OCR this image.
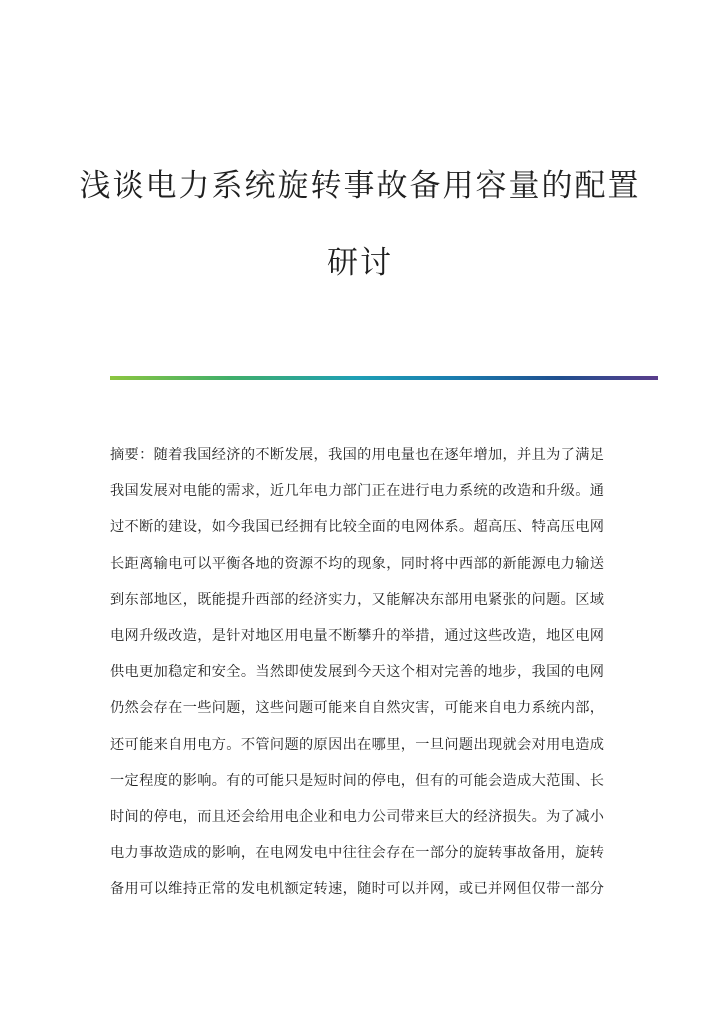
浅谈电力系统旋转事故备用容量的配置
研讨
摘要：随着我国经济的不断发展，我国的用电量也在逐年增加，并且为了满足
我国发展对电能的需求，近几年电力部门正在进行电力系统的改造和升级。通
过不断的建设，如今我国已经拥有比较全面的电网体系。超高压、特高压电网
长距离输电可以平衡各地的资源不均的现象，同时将中西部的新能源电力输送
到东部地区，既能提升西部的经济实力，又能解决东部用电紧张的问题。区域
电网升级改造，是针对地区用电量不断攀升的举措，通过这些改造，地区电网
供电更加稳定和安全。当然即使发展到今天这个相对完善的地步，我国的电网
仍然会存在一些问题，这些问题可能来自自然灾害，可能来自电力系统内部，
还可能来自用电方。不管问题的原因出在哪里，一旦问题出现就会对用电造成
一定程度的影响。有的可能只是短时间的停电，但有的可能会造成大范围、长
时间的停电，而且还会给用电企业和电力公司带来巨大的经济损失。为了减小
电力事故造成的影响，在电网发电中往往会存在一部分的旋转事故备用，旋转
备用可以维持正常的发电机额定转速，随时可以并网，或已并网但仅带一部分
